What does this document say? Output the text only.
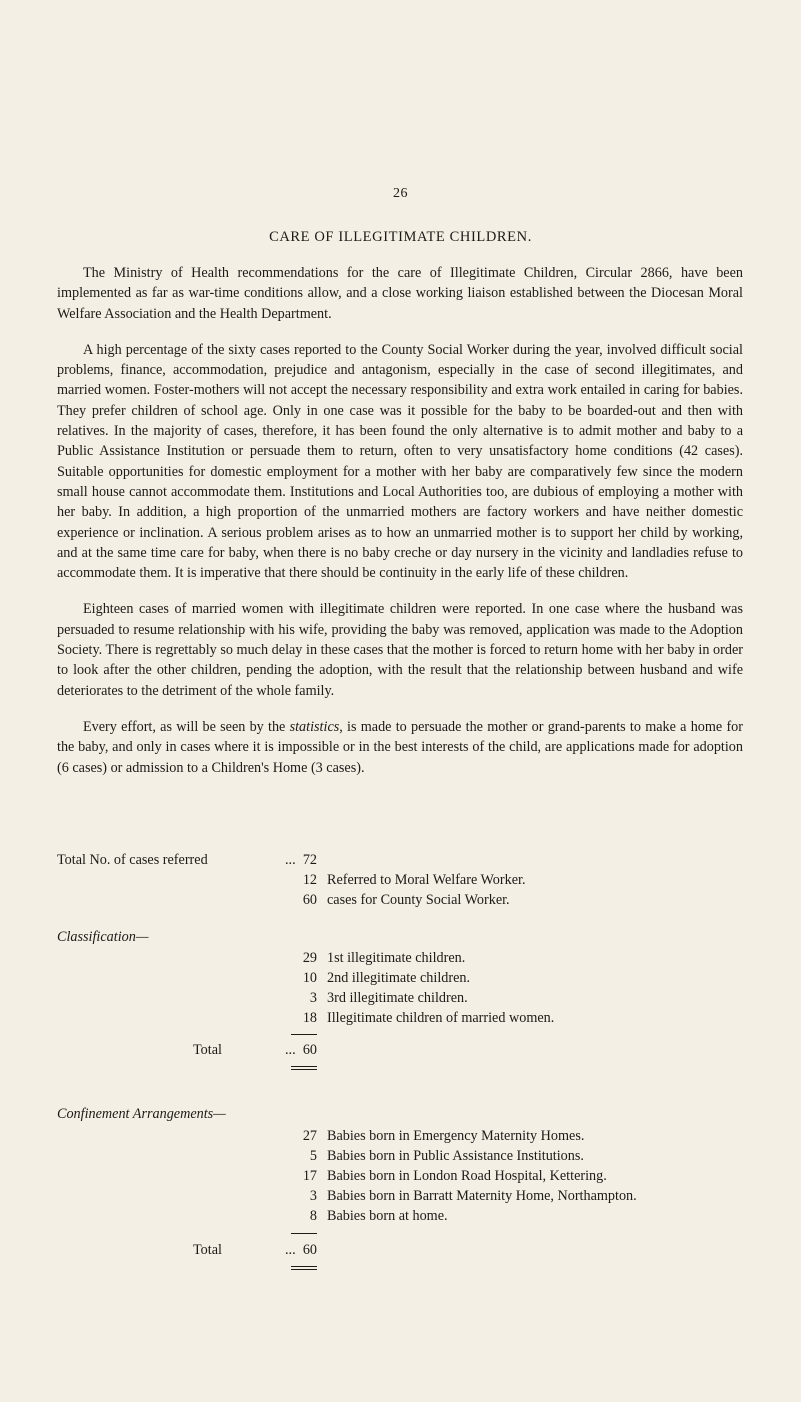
26
CARE OF ILLEGITIMATE CHILDREN.

The Ministry of Health recommendations for the care of Illegitimate Children, Circular 2866, have been implemented as far as war-time conditions allow, and a close working liaison established between the Diocesan Moral Welfare Association and the Health Department.

A high percentage of the sixty cases reported to the County Social Worker during the year, involved difficult social problems, finance, accommodation, prejudice and antagonism, especially in the case of second illegitimates, and married women. Foster-mothers will not accept the necessary responsibility and extra work entailed in caring for babies. They prefer children of school age. Only in one case was it possible for the baby to be boarded-out and then with relatives. In the majority of cases, therefore, it has been found the only alternative is to admit mother and baby to a Public Assistance Institution or persuade them to return, often to very unsatisfactory home conditions (42 cases). Suitable opportunities for domestic employment for a mother with her baby are comparatively few since the modern small house cannot accommodate them. Institutions and Local Authorities too, are dubious of employing a mother with her baby. In addition, a high proportion of the unmarried mothers are factory workers and have neither domestic experience or inclination. A serious problem arises as to how an unmarried mother is to support her child by working, and at the same time care for baby, when there is no baby creche or day nursery in the vicinity and landladies refuse to accommodate them. It is imperative that there should be continuity in the early life of these children.

Eighteen cases of married women with illegitimate children were reported. In one case where the husband was persuaded to resume relationship with his wife, providing the baby was removed, application was made to the Adoption Society. There is regrettably so much delay in these cases that the mother is forced to return home with her baby in order to look after the other children, pending the adoption, with the result that the relationship between husband and wife deteriorates to the detriment of the whole family.

Every effort, as will be seen by the statistics, is made to persuade the mother or grand-parents to make a home for the baby, and only in cases where it is impossible or in the best interests of the child, are applications made for adoption (6 cases) or admission to a Children's Home (3 cases).

Total No. of cases referred	... 72
12 Referred to Moral Welfare Worker.
60 cases for County Social Worker.
Classification—
29 1st illegitimate children.
10 2nd illegitimate children.
3 3rd illegitimate children.
18 Illegitimate children of married women.
Total	... 60
Confinement Arrangements—
27 Babies born in Emergency Maternity Homes.
5 Babies born in Public Assistance Institutions.
17 Babies born in London Road Hospital, Kettering.
3 Babies born in Barratt Maternity Home, Northampton.
8 Babies born at home.
Total	... 60
